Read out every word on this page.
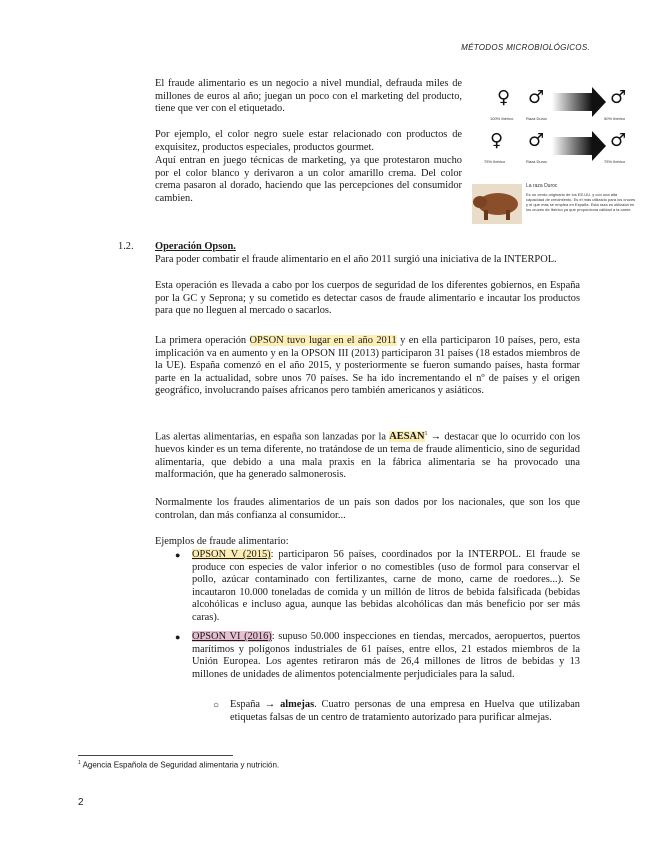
MÉTODOS MICROBIOLÓGICOS.

El fraude alimentario es un negocio a nivel mundial, defrauda miles de millones de euros al año; juegan un poco con el marketing del producto, tiene que ver con el etiquetado.

Por ejemplo, el color negro suele estar relacionado con productos de exquisitez, productos especiales, productos gourmet.

Aquí entran en juego técnicas de marketing, ya que protestaron mucho por el color blanco y derivaron a un color amarillo crema. Del color crema pasaron al dorado, haciendo que las percepciones del consumidor cambien.

♀ ♂	♂
100% Ibérico	Raza Duroc	50% Ibérico
♀ ♂	♂
75% Ibérico	Raza Duroc	75% Ibérico
La raza Duroc
Es un cerdo originario de los EE.UU. y con una alta capacidad de crecimiento. Es el más utilizado para los cruces y el que más se emplea en España. Esta raza es utilizada en los cruces de Ibérico ya que proporciona calidad a la carne.
1.2. Operación Opson.

Para poder combatir el fraude alimentario en el año 2011 surgió una iniciativa de la INTERPOL.

Esta operación es llevada a cabo por los cuerpos de seguridad de los diferentes gobiernos, en España por la GC y Seprona; y su cometido es detectar casos de fraude alimentario e incautar los productos para que no lleguen al mercado o sacarlos.

La primera operación OPSON tuvo lugar en el año 2011 y en ella participaron 10 países, pero, esta implicación va en aumento y en la OPSON III (2013) participaron 31 países (18 estados miembros de la UE). España comenzó en el año 2015, y posteriormente se fueron sumando países, hasta formar parte en la actualidad, sobre unos 70 países. Se ha ido incrementando el nº de países y el origen geográfico, involucrando países africanos pero también americanos y asiáticos.

Las alertas alimentarias, en españa son lanzadas por la $AESAN^1$ → destacar que lo ocurrido con los huevos kinder es un tema diferente, no tratándose de un tema de fraude alimenticio, sino de seguridad alimentaria, que debido a una mala praxis en la fábrica alimentaria se ha provocado una malformación, que ha generado salmonerosis.

Normalmente los fraudes alimentarios de un país son dados por los nacionales, que son los que controlan, dan más confianza al consumidor...

Ejemplos de fraude alimentario:

● OPSON V (2015): participaron 56 países, coordinados por la INTERPOL. El fraude se produce con especies de valor inferior o no comestibles (uso de formol para conservar el pollo, azúcar contaminado con fertilizantes, carne de mono, carne de roedores...). Se incautaron 10.000 toneladas de comida y un millón de litros de bebida falsificada (bebidas alcohólicas e incluso agua, aunque las bebidas alcohólicas dan más beneficio por ser más caras).

● OPSON VI (2016): supuso 50.000 inspecciones en tiendas, mercados, aeropuertos, puertos marítimos y polígonos industriales de 61 países, entre ellos, 21 estados miembros de la Unión Europea. Los agentes retiraron más de 26,4 millones de litros de bebidas y 13 millones de unidades de alimentos potencialmente perjudiciales para la salud.

○ España → almejas. Cuatro personas de una empresa en Huelva que utilizaban etiquetas falsas de un centro de tratamiento autorizado para purificar almejas.

$^1$ Agencia Española de Seguridad alimentaria y nutrición.
2
